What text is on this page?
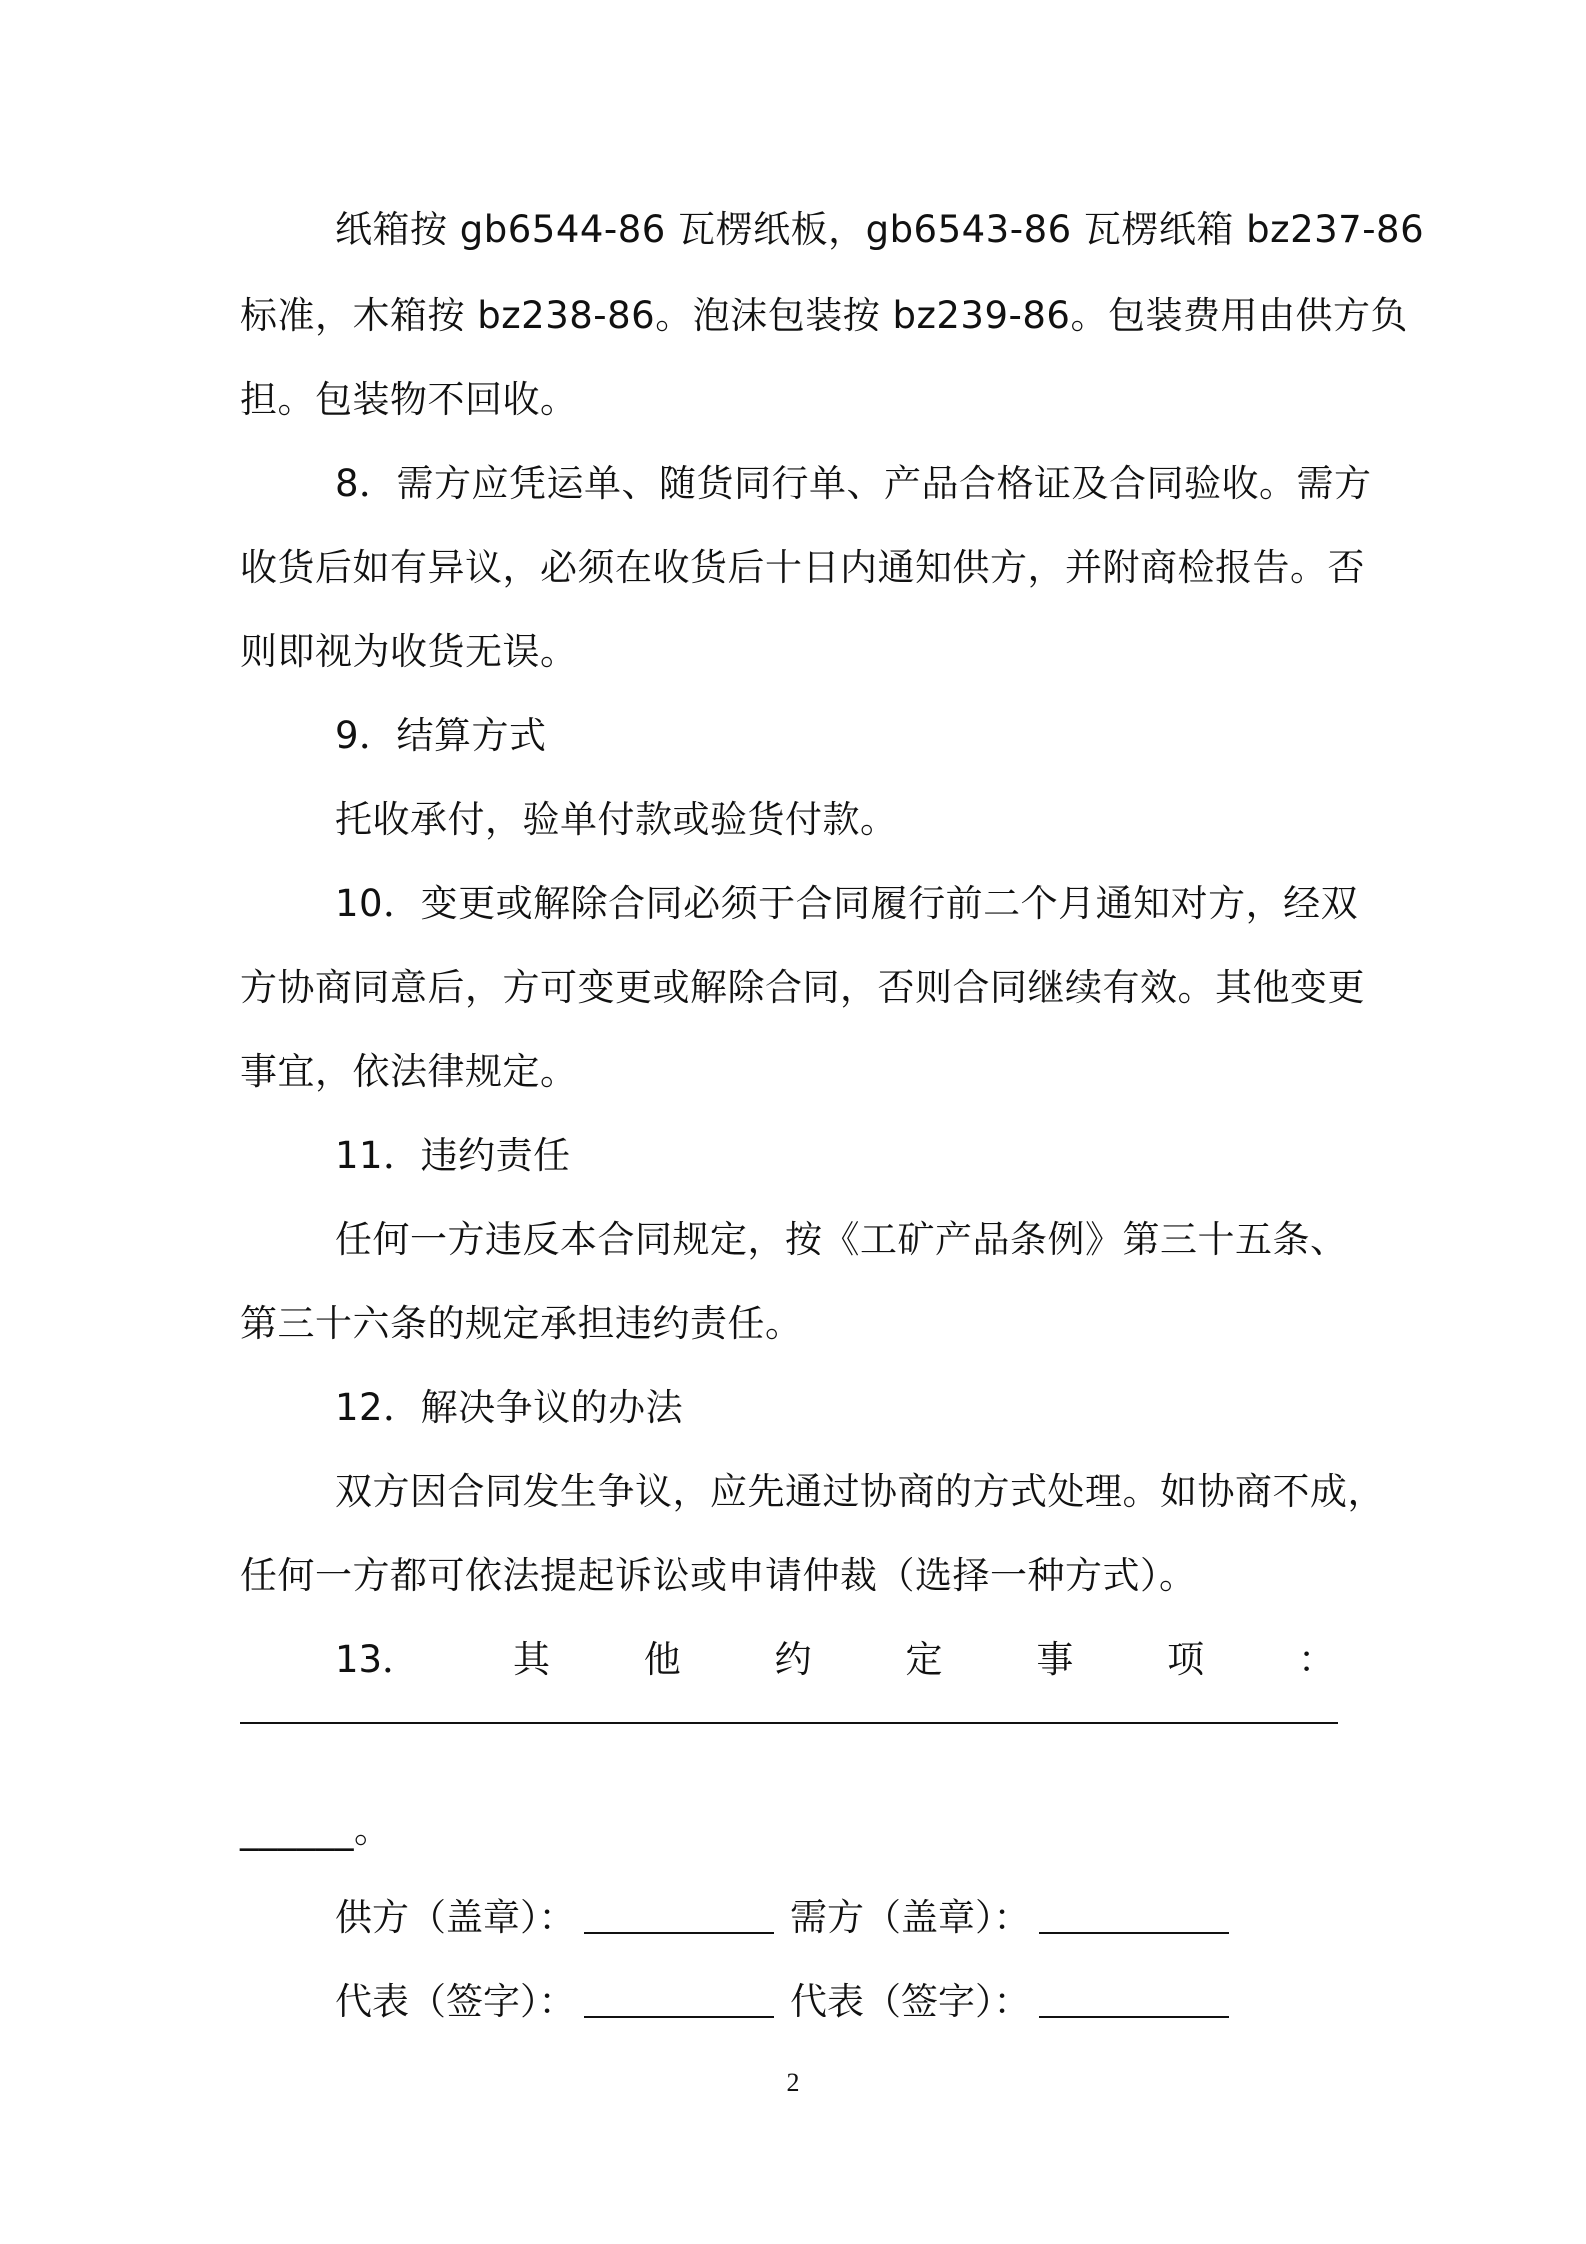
纸箱按 gb6544-86 瓦楞纸板，gb6543-86 瓦楞纸箱 bz237-86
标准，木箱按 bz238-86。泡沫包装按 bz239-86。包装费用由供方负
担。包装物不回收。
8．需方应凭运单、随货同行单、产品合格证及合同验收。需方
收货后如有异议，必须在收货后十日内通知供方，并附商检报告。否
则即视为收货无误。
9．结算方式
托收承付，验单付款或验货付款。
10．变更或解除合同必须于合同履行前二个月通知对方，经双
方协商同意后，方可变更或解除合同，否则合同继续有效。其他变更
事宜，依法律规定。
11．违约责任
任何一方违反本合同规定，按《工矿产品条例》第三十五条、
第三十六条的规定承担违约责任。
12．解决争议的办法
双方因合同发生争议，应先通过协商的方式处理。如协商不成，
任何一方都可依法提起诉讼或申请仲裁（选择一种方式）。
13．	其	他	约	定	事	项	：
______。
供方（盖章）：	需方（盖章）：
代表（签字）：	代表（签字）：
2
